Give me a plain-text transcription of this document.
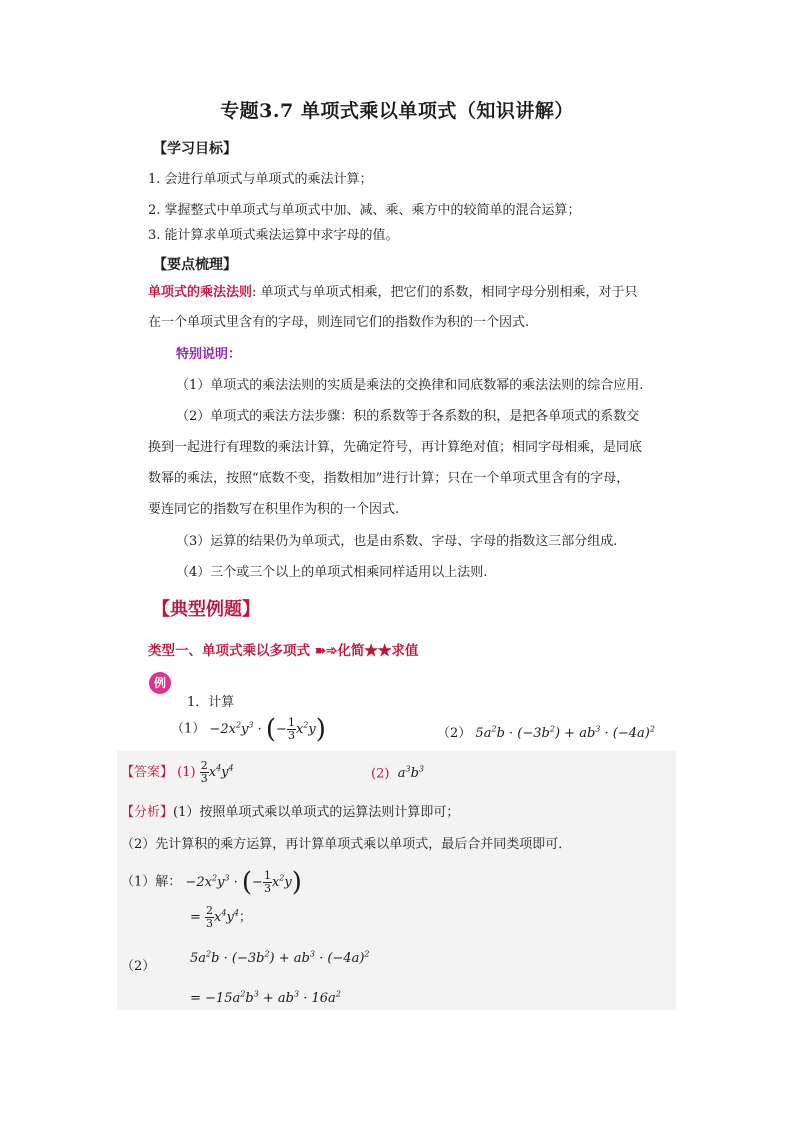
专题3.7 单项式乘以单项式（知识讲解）
【学习目标】
1. 会进行单项式与单项式的乘法计算；
2. 掌握整式中单项式与单项式中加、减、乘、乘方中的较简单的混合运算；
3. 能计算求单项式乘法运算中求字母的值。
【要点梳理】
单项式的乘法法则: 单项式与单项式相乘，把它们的系数，相同字母分别相乘，对于只
在一个单项式里含有的字母，则连同它们的指数作为积的一个因式.
特别说明：
（1）单项式的乘法法则的实质是乘法的交换律和同底数幂的乘法法则的综合应用.
（2）单项式的乘法方法步骤：积的系数等于各系数的积，是把各单项式的系数交
换到一起进行有理数的乘法计算，先确定符号，再计算绝对值；相同字母相乘，是同底
数幂的乘法，按照“底数不变，指数相加”进行计算；只在一个单项式里含有的字母，
要连同它的指数写在积里作为积的一个因式.
（3）运算的结果仍为单项式，也是由系数、字母、字母的指数这三部分组成.
（4）三个或三个以上的单项式相乘同样适用以上法则.
【典型例题】
类型一、单项式乘以多项式 ➽➾化简★★求值
例
1．计算
$(1) -2x^2y^3$ · (− $\frac{1}{3} x^2y$)	（2） $5a^2b \cdot (-3b^2) + ab^3 \cdot (-4a)^2$
【答案】 $(1) \frac{2}{3} x^4y^4$	(2) $a^3b^3$
【分析】(1）按照单项式乘以单项式的运算法则计算即可；
（2）先计算积的乘方运算，再计算单项式乘以单项式，最后合并同类项即可．
（1）解： $-2x^2y^3$ · (− $\frac{1}{3} x^2y$)
= $\frac{2}{3} x^4y^4$；
（2）
$5a^2b \cdot (-3b^2) + ab^3 \cdot (-4a)^2$
= $-15a^2b^3 + ab^3 \cdot 16a^2$
